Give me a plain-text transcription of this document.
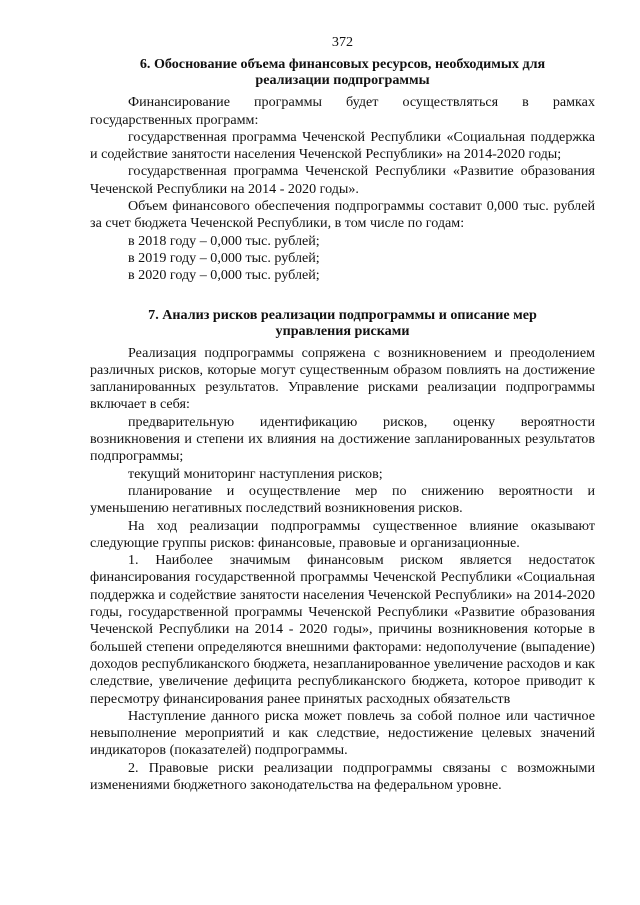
372
6. Обоснование объема финансовых ресурсов, необходимых для
реализации подпрограммы

Финансирование программы будет осуществляться в рамках государственных программ:

государственная программа Чеченской Республики «Социальная поддержка и содействие занятости населения Чеченской Республики» на 2014-2020 годы;

государственная программа Чеченской Республики «Развитие образования Чеченской Республики на 2014 - 2020 годы».

Объем финансового обеспечения подпрограммы составит 0,000 тыс. рублей за счет бюджета Чеченской Республики, в том числе по годам:

в 2018 году – 0,000 тыс. рублей;

в 2019 году – 0,000 тыс. рублей;

в 2020 году – 0,000 тыс. рублей;

7. Анализ рисков реализации подпрограммы и описание мер
управления рисками

Реализация подпрограммы сопряжена с возникновением и преодолением различных рисков, которые могут существенным образом повлиять на достижение запланированных результатов. Управление рисками реализации подпрограммы включает в себя:

предварительную идентификацию рисков, оценку вероятности возникновения и степени их влияния на достижение запланированных результатов подпрограммы;

текущий мониторинг наступления рисков;

планирование и осуществление мер по снижению вероятности и уменьшению негативных последствий возникновения рисков.

На ход реализации подпрограммы существенное влияние оказывают следующие группы рисков: финансовые, правовые и организационные.

1. Наиболее значимым финансовым риском является недостаток финансирования государственной программы Чеченской Республики «Социальная поддержка и содействие занятости населения Чеченской Республики» на 2014-2020 годы, государственной программы Чеченской Республики «Развитие образования Чеченской Республики на 2014 - 2020 годы», причины возникновения которые в большей степени определяются внешними факторами: недополучение (выпадение) доходов республиканского бюджета, незапланированное увеличение расходов и как следствие, увеличение дефицита республиканского бюджета, которое приводит к пересмотру финансирования ранее принятых расходных обязательств

Наступление данного риска может повлечь за собой полное или частичное невыполнение мероприятий и как следствие, недостижение целевых значений индикаторов (показателей) подпрограммы.

2. Правовые риски реализации подпрограммы связаны с возможными изменениями бюджетного законодательства на федеральном уровне.
